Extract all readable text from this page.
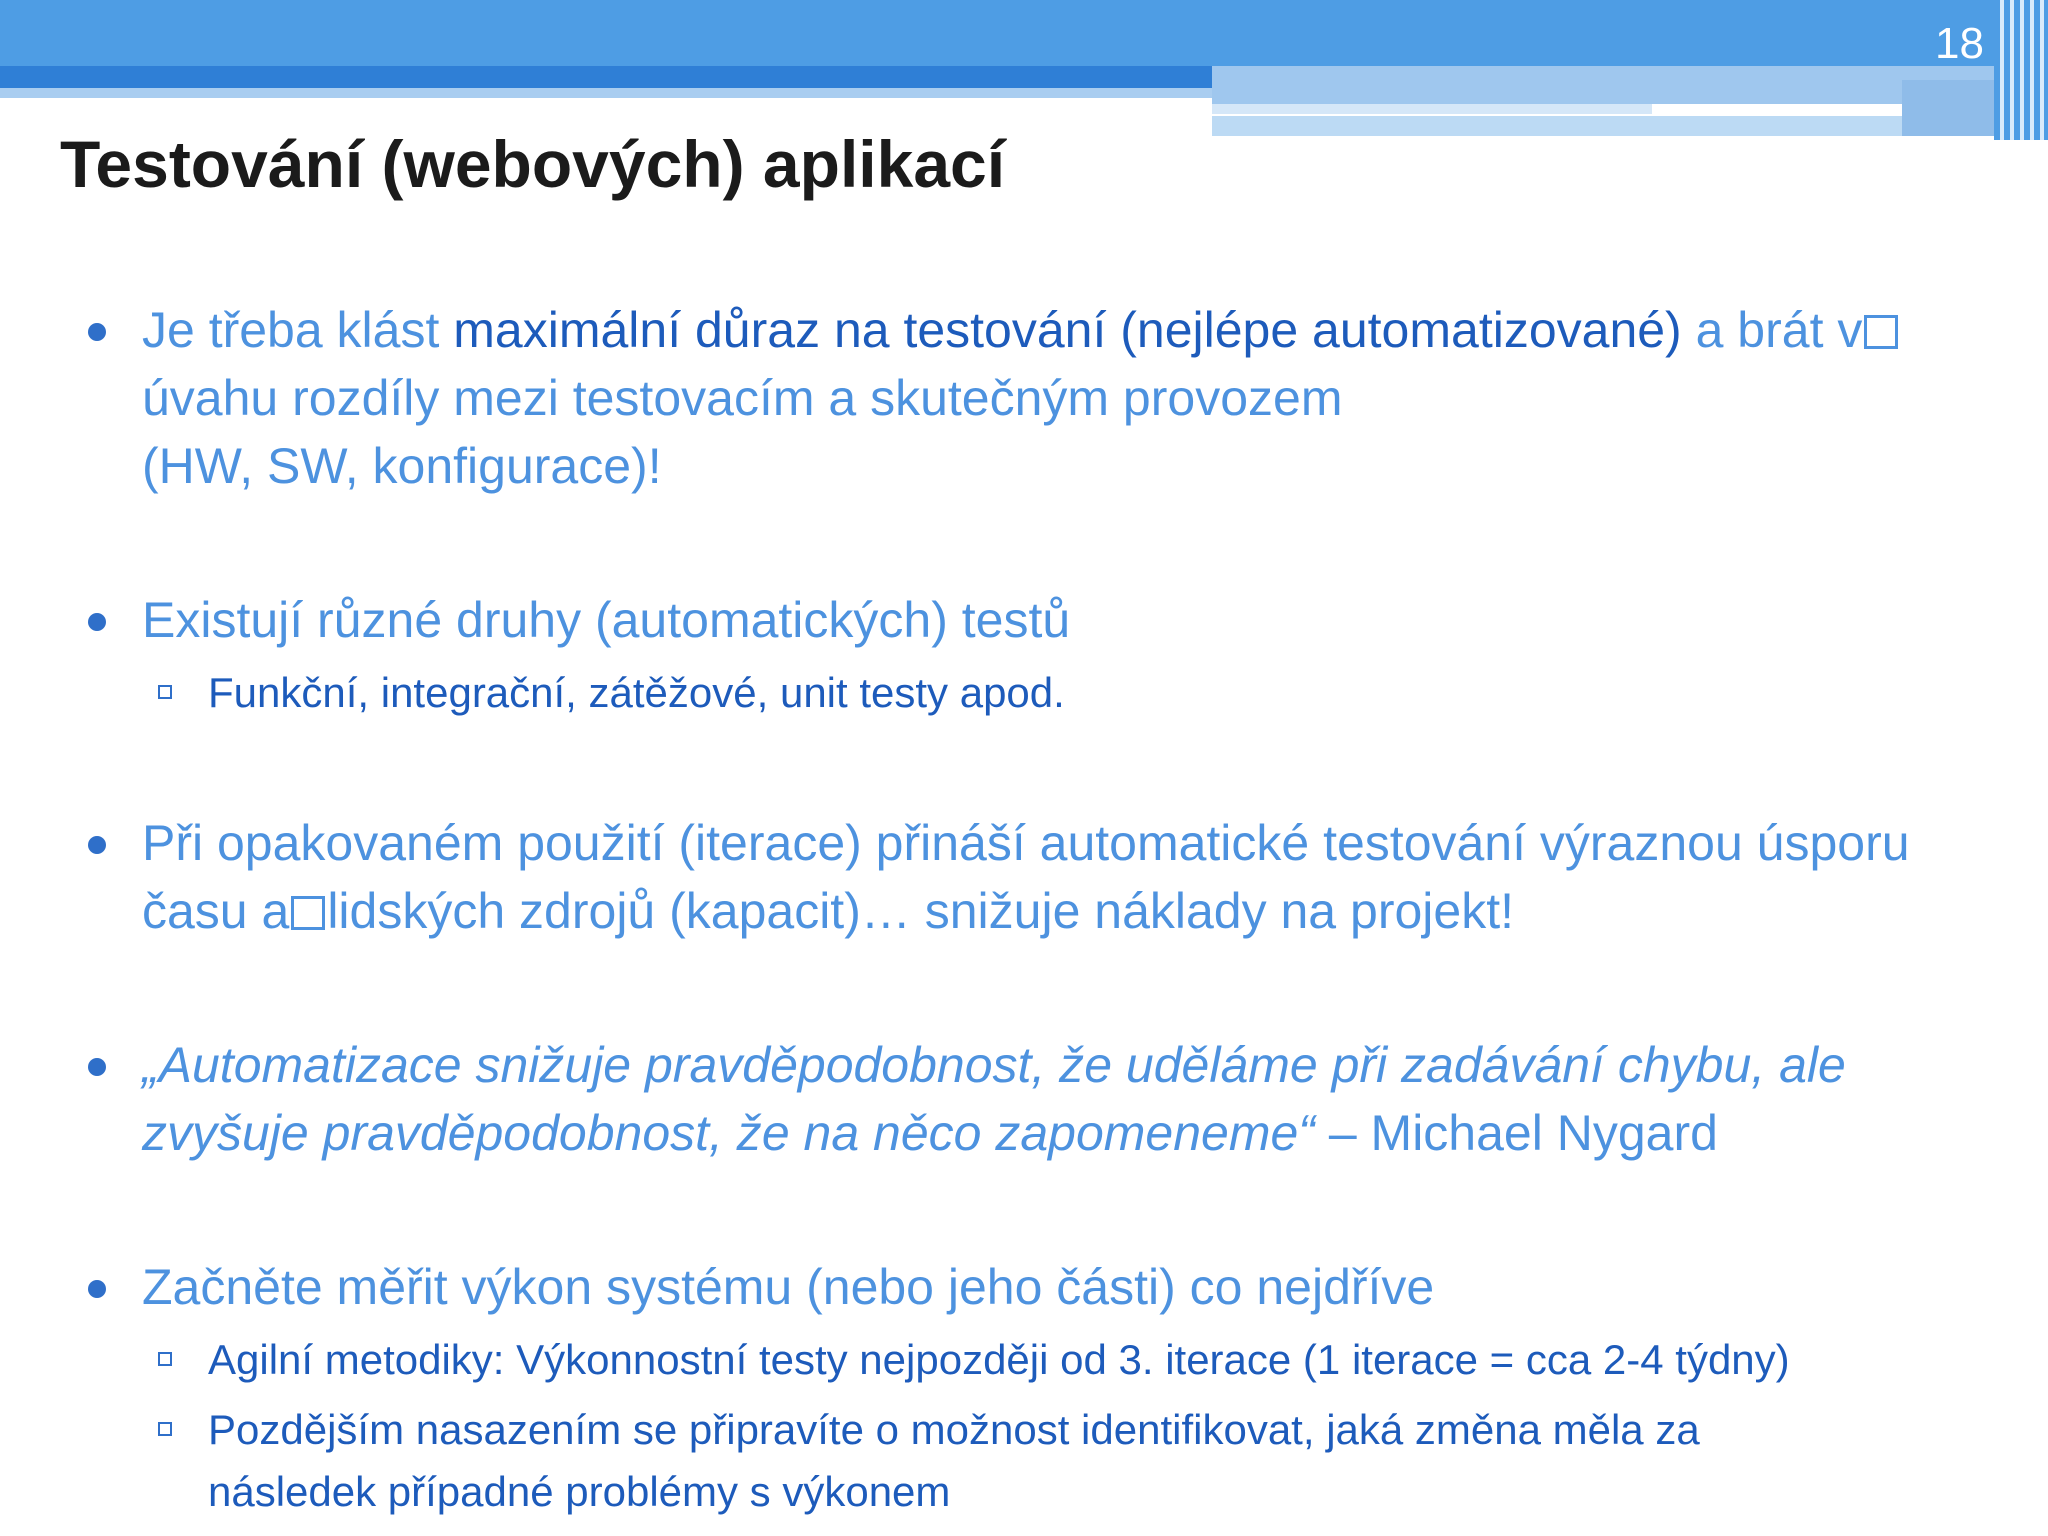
18
Testování (webových) aplikací
Je třeba klást maximální důraz na testování (nejlépe automatizované) a brát vúvahu rozdíly mezi testovacím a skutečným provozem
(HW, SW, konfigurace)!
Existují různé druhy (automatických) testů
Funkční, integrační, zátěžové, unit testy apod.
Při opakovaném použití (iterace) přináší automatické testování výraznou úsporu
času a lidských zdrojů (kapacit)… snižuje náklady na projekt!
„Automatizace snižuje pravděpodobnost, že uděláme při zadávání chybu, ale
zvyšuje pravděpodobnost, že na něco zapomeneme“ – Michael Nygard
Začněte měřit výkon systému (nebo jeho části) co nejdříve
Agilní metodiky: Výkonnostní testy nejpozději od 3. iterace (1 iterace = cca 2-4 týdny)
Pozdějším nasazením se připravíte o možnost identifikovat, jaká změna měla za
následek případné problémy s výkonem
